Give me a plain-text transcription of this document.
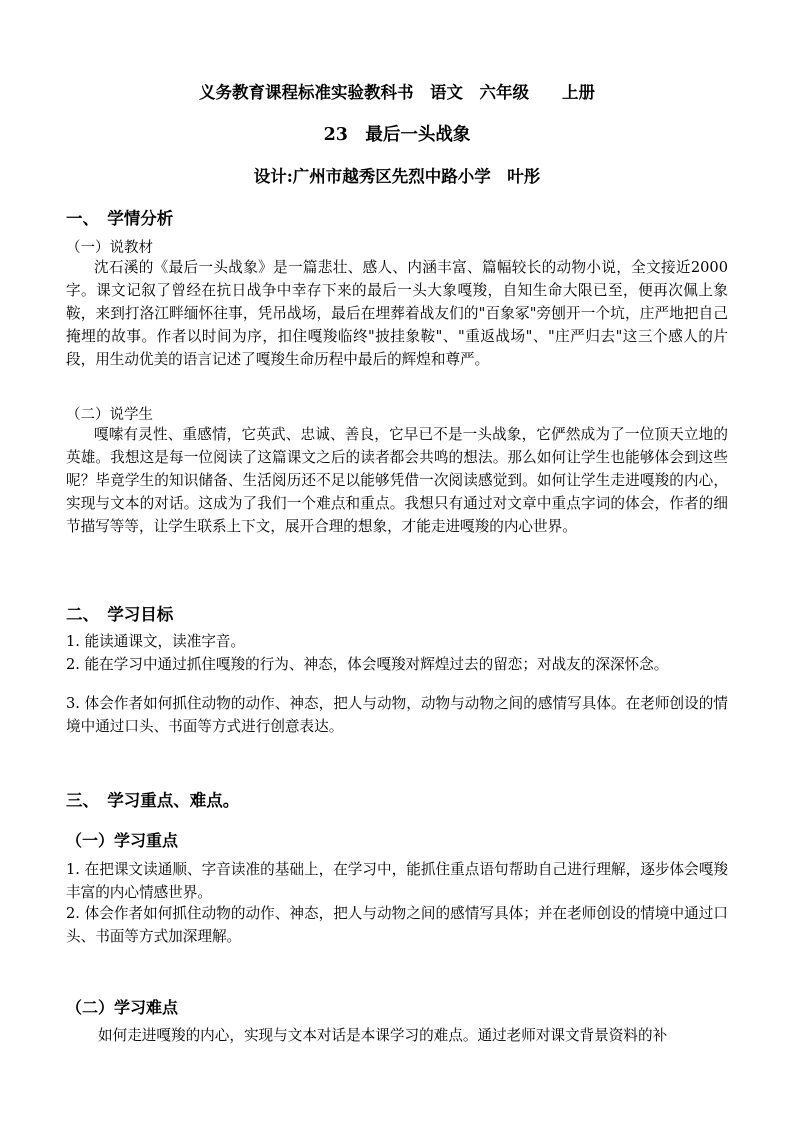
义务教育课程标准实验教科书　语文　六年级　　上册
23　最后一头战象
设计:广州市越秀区先烈中路小学　叶彤
一、　学情分析
（一）说教材
沈石溪的《最后一头战象》是一篇悲壮、感人、内涵丰富、篇幅较长的动物小说，全文接近2000字。课文记叙了曾经在抗日战争中幸存下来的最后一头大象嘎羧，自知生命大限已至，便再次佩上象鞍，来到打洛江畔缅怀往事，凭吊战场，最后在埋葬着战友们的"百象冢"旁刨开一个坑，庄严地把自己掩埋的故事。作者以时间为序，扣住嘎羧临终"披挂象鞍"、"重返战场"、"庄严归去"这三个感人的片段，用生动优美的语言记述了嘎羧生命历程中最后的辉煌和尊严。
（二）说学生
嘎嗦有灵性、重感情，它英武、忠诚、善良，它早已不是一头战象，它俨然成为了一位顶天立地的英雄。我想这是每一位阅读了这篇课文之后的读者都会共鸣的想法。那么如何让学生也能够体会到这些呢？毕竟学生的知识储备、生活阅历还不足以能够凭借一次阅读感觉到。如何让学生走进嘎羧的内心，实现与文本的对话。这成为了我们一个难点和重点。我想只有通过对文章中重点字词的体会，作者的细节描写等等，让学生联系上下文，展开合理的想象，才能走进嘎羧的内心世界。
二、　学习目标
1. 能读通课文，读准字音。
2. 能在学习中通过抓住嘎羧的行为、神态，体会嘎羧对辉煌过去的留恋；对战友的深深怀念。
3. 体会作者如何抓住动物的动作、神态，把人与动物，动物与动物之间的感情写具体。在老师创设的情境中通过口头、书面等方式进行创意表达。
三、　学习重点、难点。
（一）学习重点
1. 在把课文读通顺、字音读准的基础上，在学习中，能抓住重点语句帮助自己进行理解，逐步体会嘎羧丰富的内心情感世界。
2. 体会作者如何抓住动物的动作、神态，把人与动物之间的感情写具体；并在老师创设的情境中通过口头、书面等方式加深理解。
（二）学习难点
如何走进嘎羧的内心，实现与文本对话是本课学习的难点。通过老师对课文背景资料的补
